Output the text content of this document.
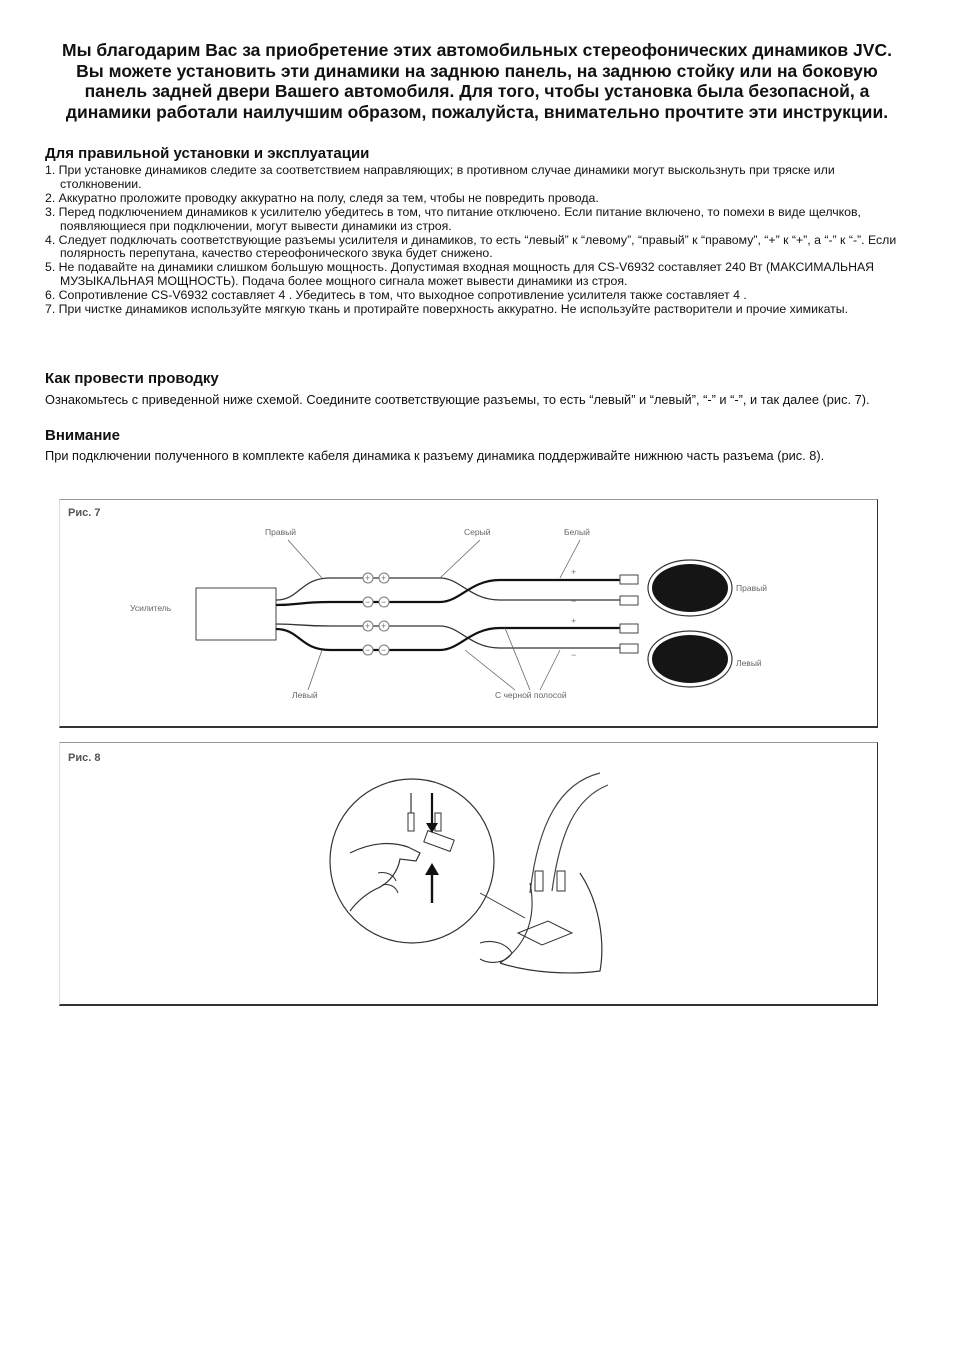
Мы благодарим Вас за приобретение этих автомобильных стереофонических динамиков JVC. Вы можете установить эти динамики на заднюю панель, на заднюю стойку или на боковую панель задней двери Вашего автомобиля. Для того, чтобы установка была безопасной, а динамики работали наилучшим образом, пожалуйста, внимательно прочтите эти инструкции.
Для правильной установки и эксплуатации
1. При установке динамиков следите за соответствием направляющих; в противном случае динамики могут выскользнуть при тряске или столкновении.
2. Аккуратно проложите проводку аккуратно на полу, следя за тем, чтобы не повредить провода.
3. Перед подключением динамиков к усилителю убедитесь в том, что питание отключено. Если питание включено, то помехи в виде щелчков, появляющиеся при подключении, могут вывести динамики из строя.
4. Следует подключать соответствующие разъемы усилителя и динамиков, то есть “левый” к “левому”, “правый” к “правому”, “+” к “+”, а “-” к “-”. Если полярность перепутана, качество стереофонического звука будет снижено.
5. Не подавайте на динамики слишком большую мощность. Допустимая входная мощность для CS-V6932 составляет 240 Вт (МАКСИМАЛЬНАЯ МУЗЫКАЛЬНАЯ МОЩНОСТЬ). Подача более мощного сигнала может вывести динамики из строя.
6. Сопротивление CS-V6932 составляет 4 . Убедитесь в том, что выходное сопротивление усилителя также составляет 4 .
7. При чистке динамиков используйте мягкую ткань и протирайте поверхность аккуратно. Не используйте растворители и прочие химикаты.
Как провести проводку

Ознакомьтесь с приведенной ниже схемой. Соедините соответствующие разъемы, то есть “левый” и “левый”, “-” и “-”, и так далее (рис. 7).

Внимание

При подключении полученного в комплекте кабеля динамика к разъему динамика поддерживайте нижнюю часть разъема (рис. 8).

Рис. 7
Усилитель
+ +
− −
+ +
− −
+
−
+
−
Правый	Серый	Белый
Левый	С черной полосой
Правый
Левый
Рис. 8
